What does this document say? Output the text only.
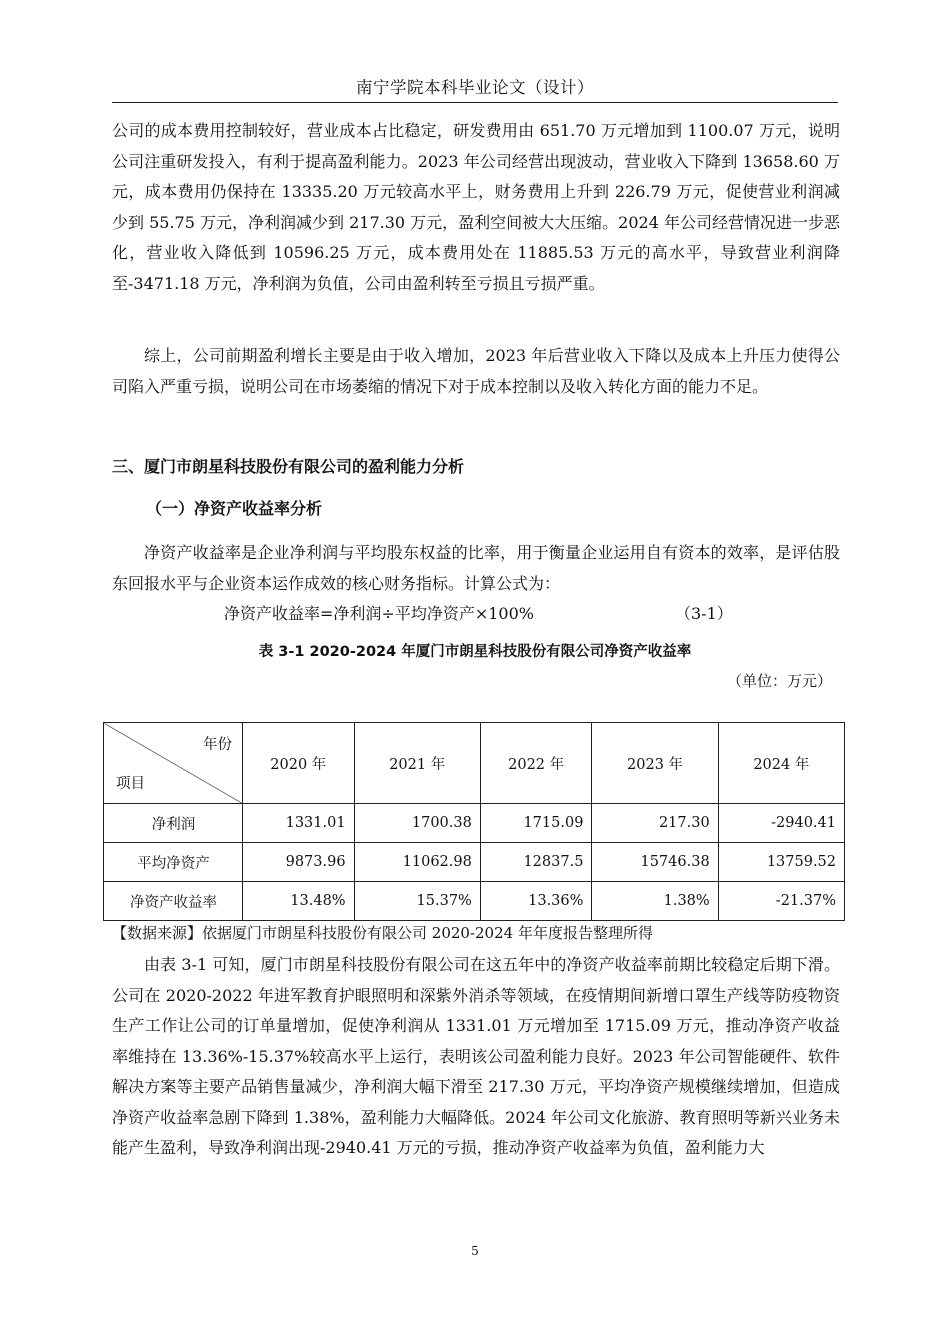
南宁学院本科毕业论文（设计）

公司的成本费用控制较好，营业成本占比稳定，研发费用由 651.70 万元增加到 1100.07 万元，说明公司注重研发投入，有利于提高盈利能力。2023 年公司经营出现波动，营业收入下降到 13658.60 万元，成本费用仍保持在 13335.20 万元较高水平上，财务费用上升到 226.79 万元，促使营业利润减少到 55.75 万元，净利润减少到 217.30 万元，盈利空间被大大压缩。2024 年公司经营情况进一步恶化，营业收入降低到 10596.25 万元，成本费用处在 11885.53 万元的高水平，导致营业利润降至-3471.18 万元，净利润为负值，公司由盈利转至亏损且亏损严重。

综上，公司前期盈利增长主要是由于收入增加，2023 年后营业收入下降以及成本上升压力使得公司陷入严重亏损，说明公司在市场萎缩的情况下对于成本控制以及收入转化方面的能力不足。

三、厦门市朗星科技股份有限公司的盈利能力分析
（一）净资产收益率分析

净资产收益率是企业净利润与平均股东权益的比率，用于衡量企业运用自有资本的效率，是评估股东回报水平与企业资本运作成效的核心财务指标。计算公式为：

净资产收益率=净利润÷平均净资产×100%	（3-1）
表 3-1 2020-2024 年厦门市朗星科技股份有限公司净资产收益率
（单位：万元）
年份
项目	2020 年	2021 年	2022 年	2023 年	2024 年
净利润	1331.01	1700.38	1715.09	217.30	-2940.41
平均净资产	9873.96	11062.98	12837.5	15746.38	13759.52
净资产收益率	13.48%	15.37%	13.36%	1.38%	-21.37%
【数据来源】依据厦门市朗星科技股份有限公司 2020-2024 年年度报告整理所得

由表 3-1 可知，厦门市朗星科技股份有限公司在这五年中的净资产收益率前期比较稳定后期下滑。公司在 2020-2022 年进军教育护眼照明和深紫外消杀等领域，在疫情期间新增口罩生产线等防疫物资生产工作让公司的订单量增加，促使净利润从 1331.01 万元增加至 1715.09 万元，推动净资产收益率维持在 13.36%-15.37%较高水平上运行，表明该公司盈利能力良好。2023 年公司智能硬件、软件解决方案等主要产品销售量减少，净利润大幅下滑至 217.30 万元，平均净资产规模继续增加，但造成净资产收益率急剧下降到 1.38%，盈利能力大幅降低。2024 年公司文化旅游、教育照明等新兴业务未能产生盈利，导致净利润出现-2940.41 万元的亏损，推动净资产收益率为负值，盈利能力大

5
